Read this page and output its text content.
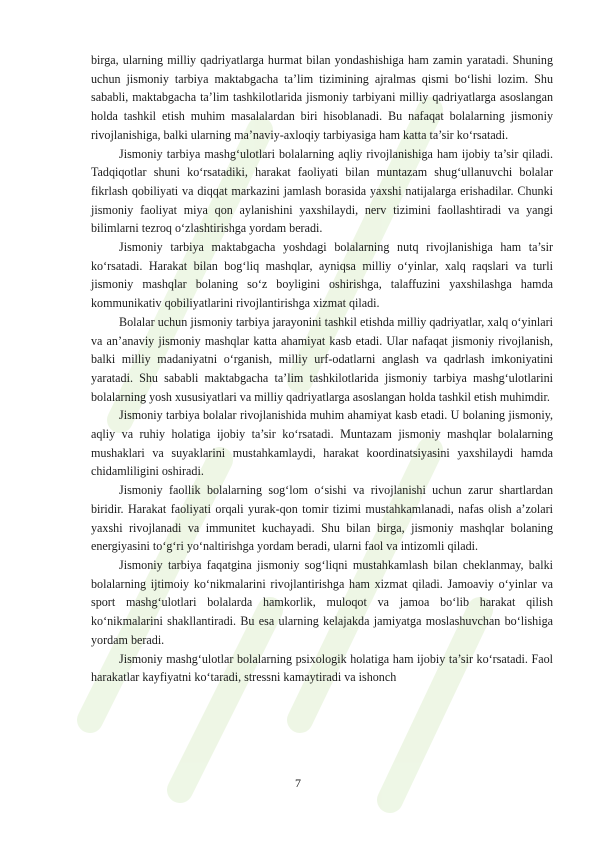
birga, ularning milliy qadriyatlarga hurmat bilan yondashishiga ham zamin yaratadi. Shuning uchun jismoniy tarbiya maktabgacha ta’lim tizimining ajralmas qismi bo‘lishi lozim. Shu sababli, maktabgacha ta’lim tashkilotlarida jismoniy tarbiyani milliy qadriyatlarga asoslangan holda tashkil etish muhim masalalardan biri hisoblanadi. Bu nafaqat bolalarning jismoniy rivojlanishiga, balki ularning ma’naviy-axloqiy tarbiyasiga ham katta ta’sir ko‘rsatadi.

Jismoniy tarbiya mashg‘ulotlari bolalarning aqliy rivojlanishiga ham ijobiy ta’sir qiladi. Tadqiqotlar shuni ko‘rsatadiki, harakat faoliyati bilan muntazam shug‘ullanuvchi bolalar fikrlash qobiliyati va diqqat markazini jamlash borasida yaxshi natijalarga erishadilar. Chunki jismoniy faoliyat miya qon aylanishini yaxshilaydi, nerv tizimini faollashtiradi va yangi bilimlarni tezroq o‘zlashtirishga yordam beradi.

Jismoniy tarbiya maktabgacha yoshdagi bolalarning nutq rivojlanishiga ham ta’sir ko‘rsatadi. Harakat bilan bog‘liq mashqlar, ayniqsa milliy o‘yinlar, xalq raqslari va turli jismoniy mashqlar bolaning so‘z boyligini oshirishga, talaffuzini yaxshilashga hamda kommunikativ qobiliyatlarini rivojlantirishga xizmat qiladi.

Bolalar uchun jismoniy tarbiya jarayonini tashkil etishda milliy qadriyatlar, xalq o‘yinlari va an’anaviy jismoniy mashqlar katta ahamiyat kasb etadi. Ular nafaqat jismoniy rivojlanish, balki milliy madaniyatni o‘rganish, milliy urf-odatlarni anglash va qadrlash imkoniyatini yaratadi. Shu sababli maktabgacha ta’lim tashkilotlarida jismoniy tarbiya mashg‘ulotlarini bolalarning yosh xususiyatlari va milliy qadriyatlarga asoslangan holda tashkil etish muhimdir.

Jismoniy tarbiya bolalar rivojlanishida muhim ahamiyat kasb etadi. U bolaning jismoniy, aqliy va ruhiy holatiga ijobiy ta’sir ko‘rsatadi. Muntazam jismoniy mashqlar bolalarning mushaklari va suyaklarini mustahkamlaydi, harakat koordinatsiyasini yaxshilaydi hamda chidamliligini oshiradi.

Jismoniy faollik bolalarning sog‘lom o‘sishi va rivojlanishi uchun zarur shartlardan biridir. Harakat faoliyati orqali yurak-qon tomir tizimi mustahkamlanadi, nafas olish a’zolari yaxshi rivojlanadi va immunitet kuchayadi. Shu bilan birga, jismoniy mashqlar bolaning energiyasini to‘g‘ri yo‘naltirishga yordam beradi, ularni faol va intizomli qiladi.

Jismoniy tarbiya faqatgina jismoniy sog‘liqni mustahkamlash bilan cheklanmay, balki bolalarning ijtimoiy ko‘nikmalarini rivojlantirishga ham xizmat qiladi. Jamoaviy o‘yinlar va sport mashg‘ulotlari bolalarda hamkorlik, muloqot va jamoa bo‘lib harakat qilish ko‘nikmalarini shakllantiradi. Bu esa ularning kelajakda jamiyatga moslashuvchan bo‘lishiga yordam beradi.

Jismoniy mashg‘ulotlar bolalarning psixologik holatiga ham ijobiy ta’sir ko‘rsatadi. Faol harakatlar kayfiyatni ko‘taradi, stressni kamaytiradi va ishonch

7
